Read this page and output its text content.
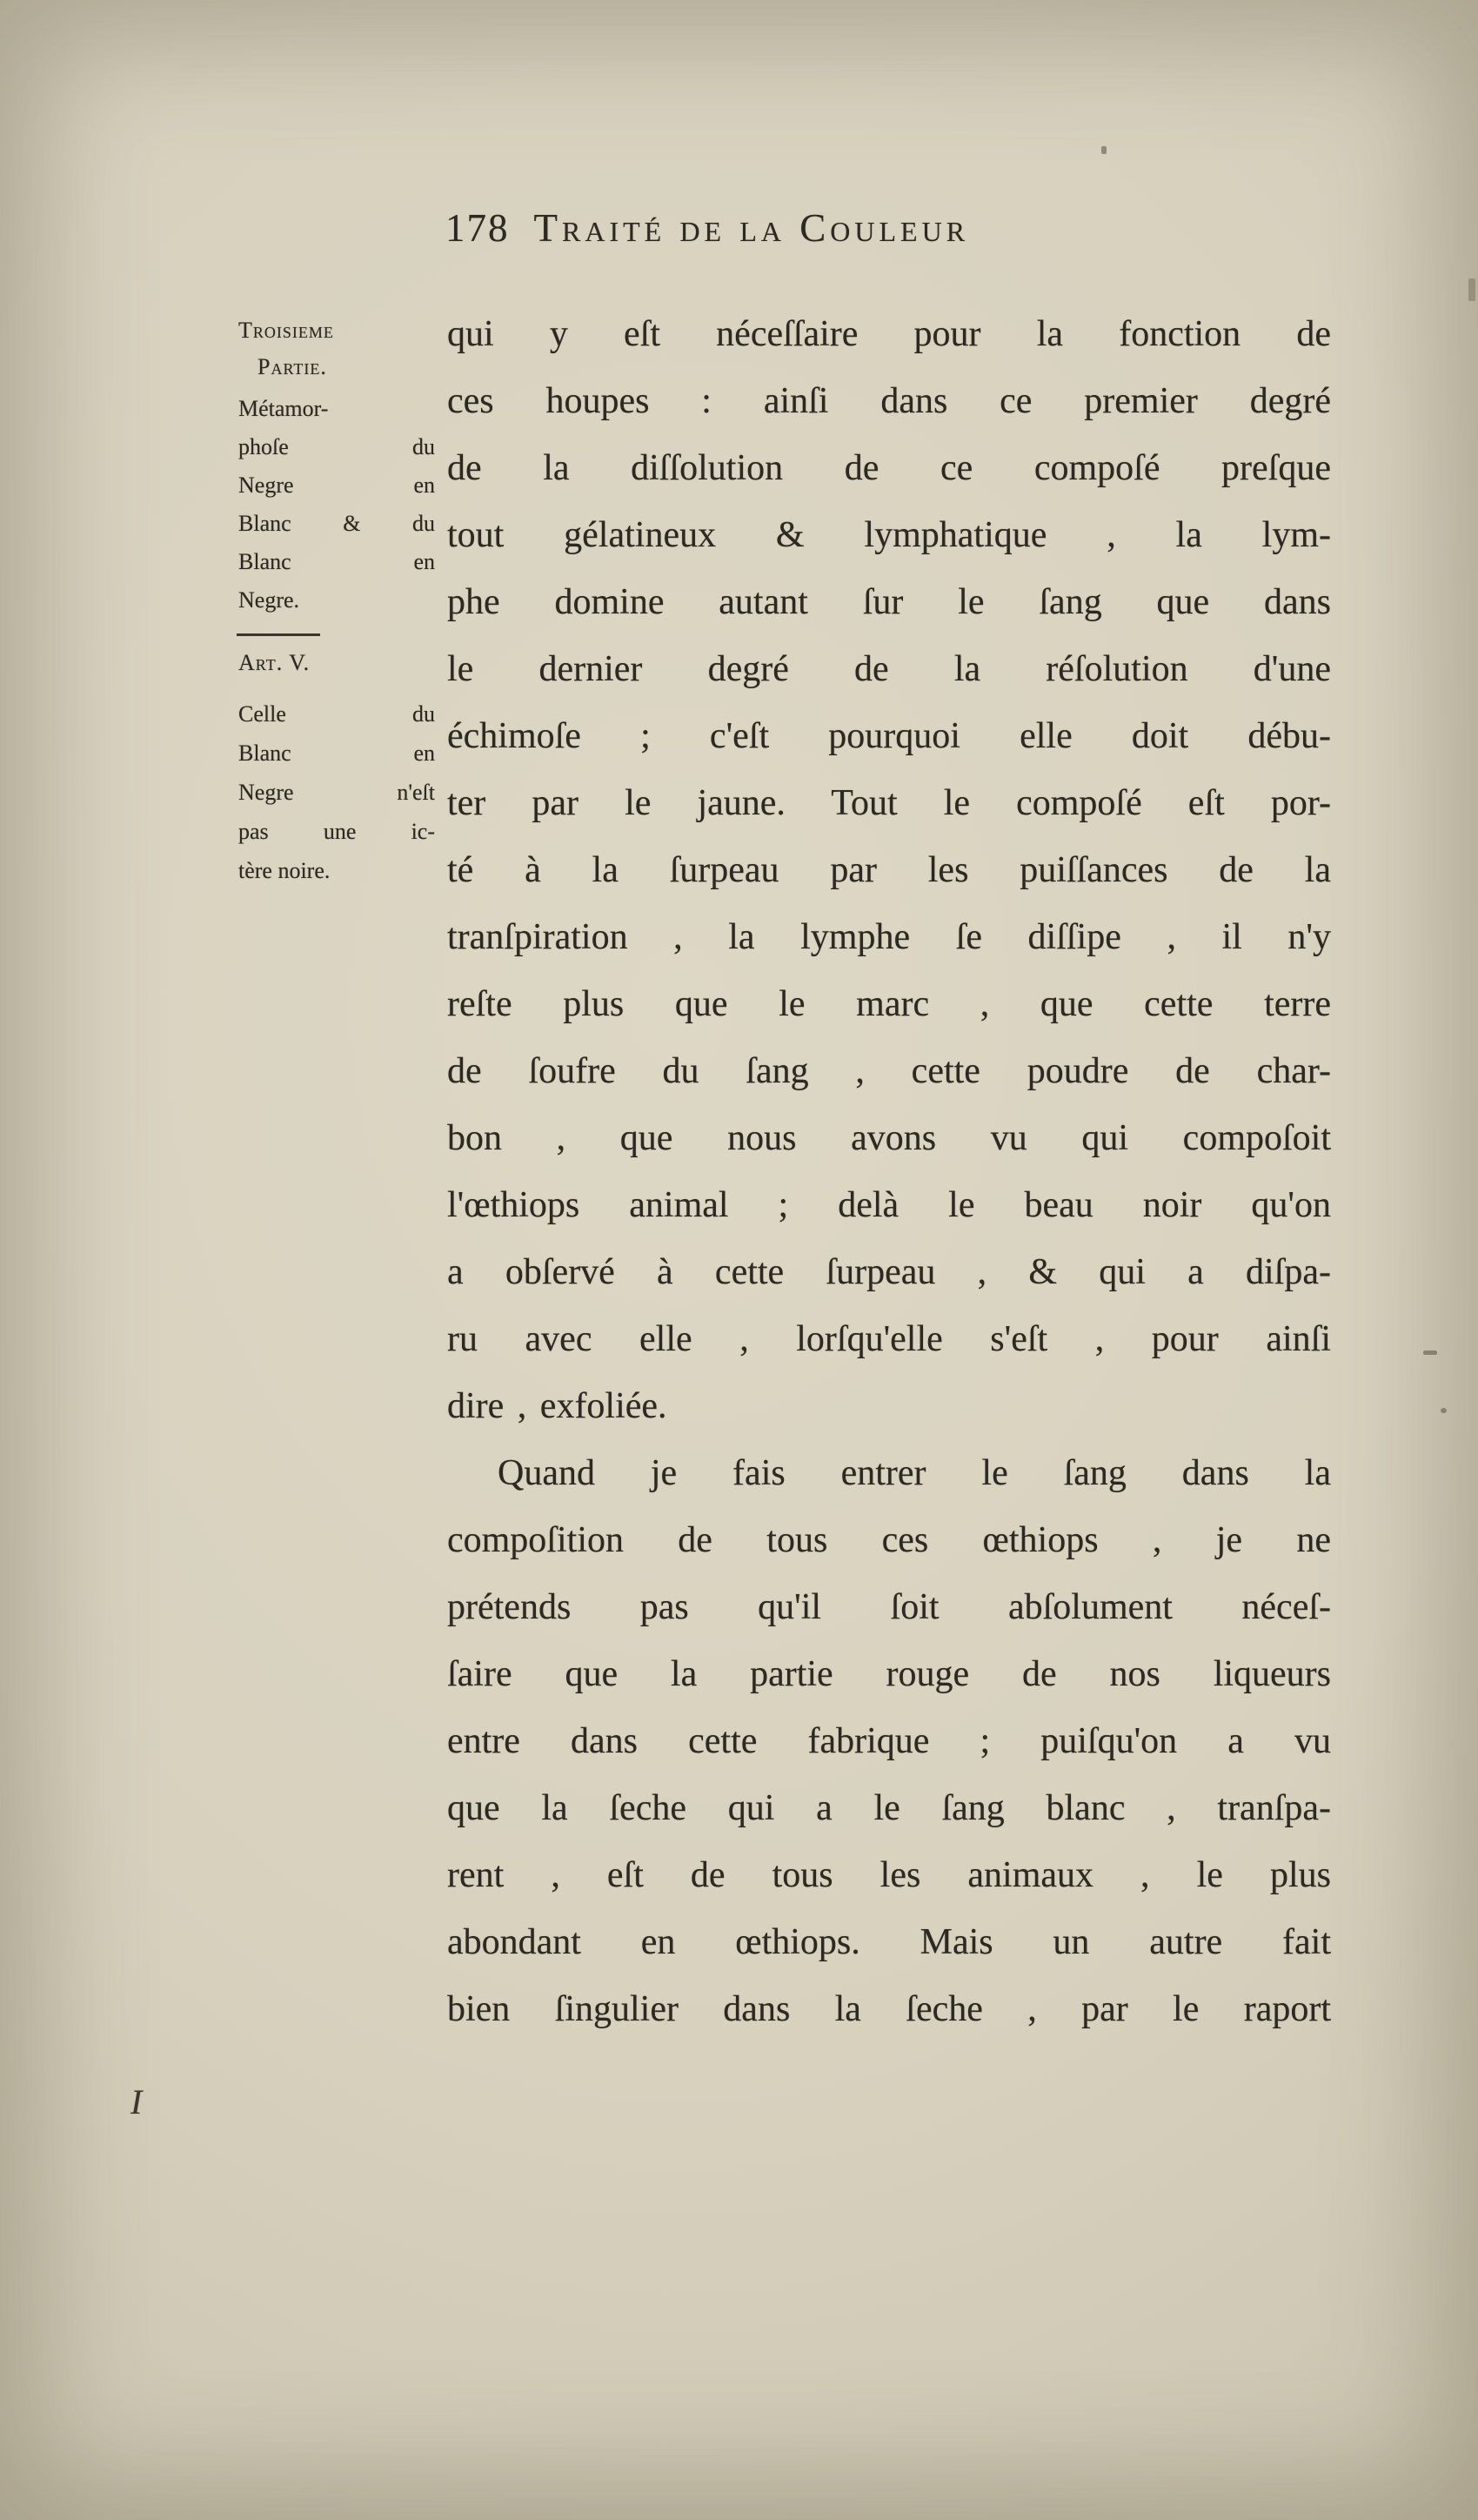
178 Traité de la Couleur
Troisieme
Partie.
Métamor-
phoſe du
Negre en
Blanc & du
Blanc en
Negre.
Art. V.
Celle du
Blanc en
Negre n'eſt
pas une ic-
tère noire.
qui y eſt néceſſaire pour la fonction de
ces houpes : ainſi dans ce premier degré
de la diſſolution de ce compoſé preſque
tout gélatineux & lymphatique , la lym-
phe domine autant ſur le ſang que dans
le dernier degré de la réſolution d'une
échimoſe ; c'eſt pourquoi elle doit débu-
ter par le jaune. Tout le compoſé eſt por-
té à la ſurpeau par les puiſſances de la
tranſpiration , la lymphe ſe diſſipe , il n'y
reſte plus que le marc , que cette terre
de ſoufre du ſang , cette poudre de char-
bon , que nous avons vu qui compoſoit
l'œthiops animal ; delà le beau noir qu'on
a obſervé à cette ſurpeau , & qui a diſpa-
ru avec elle , lorſqu'elle s'eſt , pour ainſi
dire , exfoliée.
Quand je fais entrer le ſang dans la
compoſition de tous ces œthiops , je ne
prétends pas qu'il ſoit abſolument néceſ-
ſaire que la partie rouge de nos liqueurs
entre dans cette fabrique ; puiſqu'on a vu
que la ſeche qui a le ſang blanc , tranſpa-
rent , eſt de tous les animaux , le plus
abondant en œthiops. Mais un autre fait
bien ſingulier dans la ſeche , par le raport
I
